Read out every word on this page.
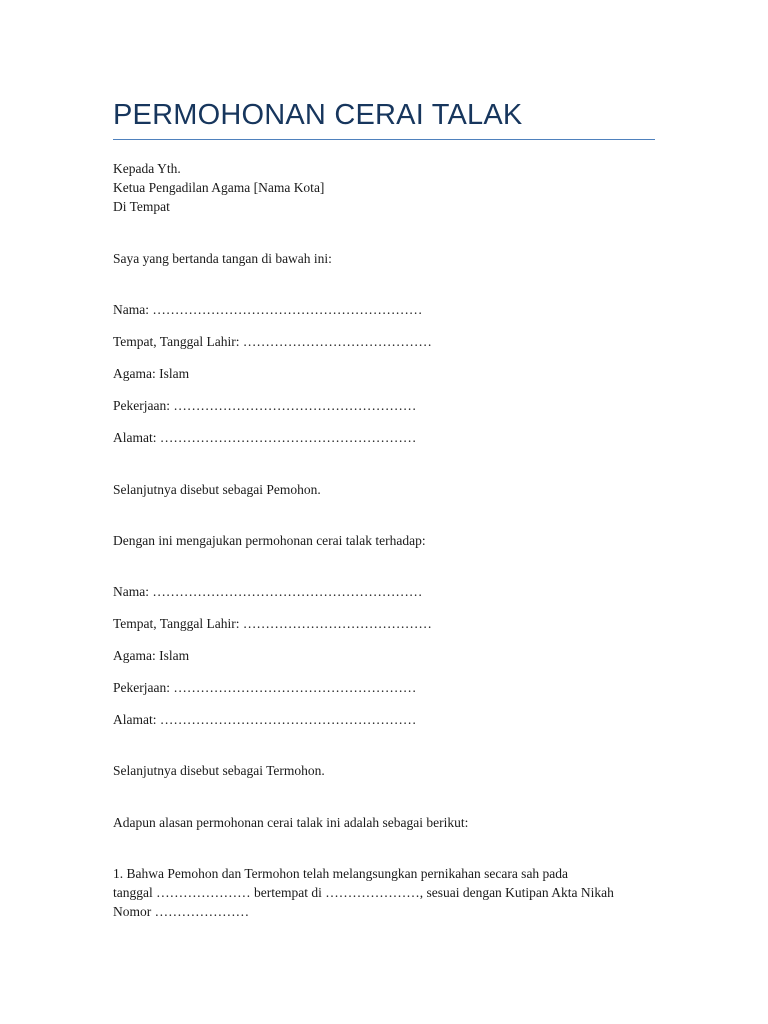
PERMOHONAN CERAI TALAK

Kepada Yth.

Ketua Pengadilan Agama [Nama Kota]

Di Tempat

Saya yang bertanda tangan di bawah ini:

Nama: ……………………………………………………

Tempat, Tanggal Lahir: ……………………………………

Agama: Islam

Pekerjaan: ………………………………………………

Alamat: …………………………………………………

Selanjutnya disebut sebagai Pemohon.

Dengan ini mengajukan permohonan cerai talak terhadap:

Nama: ……………………………………………………

Tempat, Tanggal Lahir: ……………………………………

Agama: Islam

Pekerjaan: ………………………………………………

Alamat: …………………………………………………

Selanjutnya disebut sebagai Termohon.

Adapun alasan permohonan cerai talak ini adalah sebagai berikut:

1. Bahwa Pemohon dan Termohon telah melangsungkan pernikahan secara sah pada

tanggal ………………… bertempat di …………………, sesuai dengan Kutipan Akta Nikah

Nomor …………………
